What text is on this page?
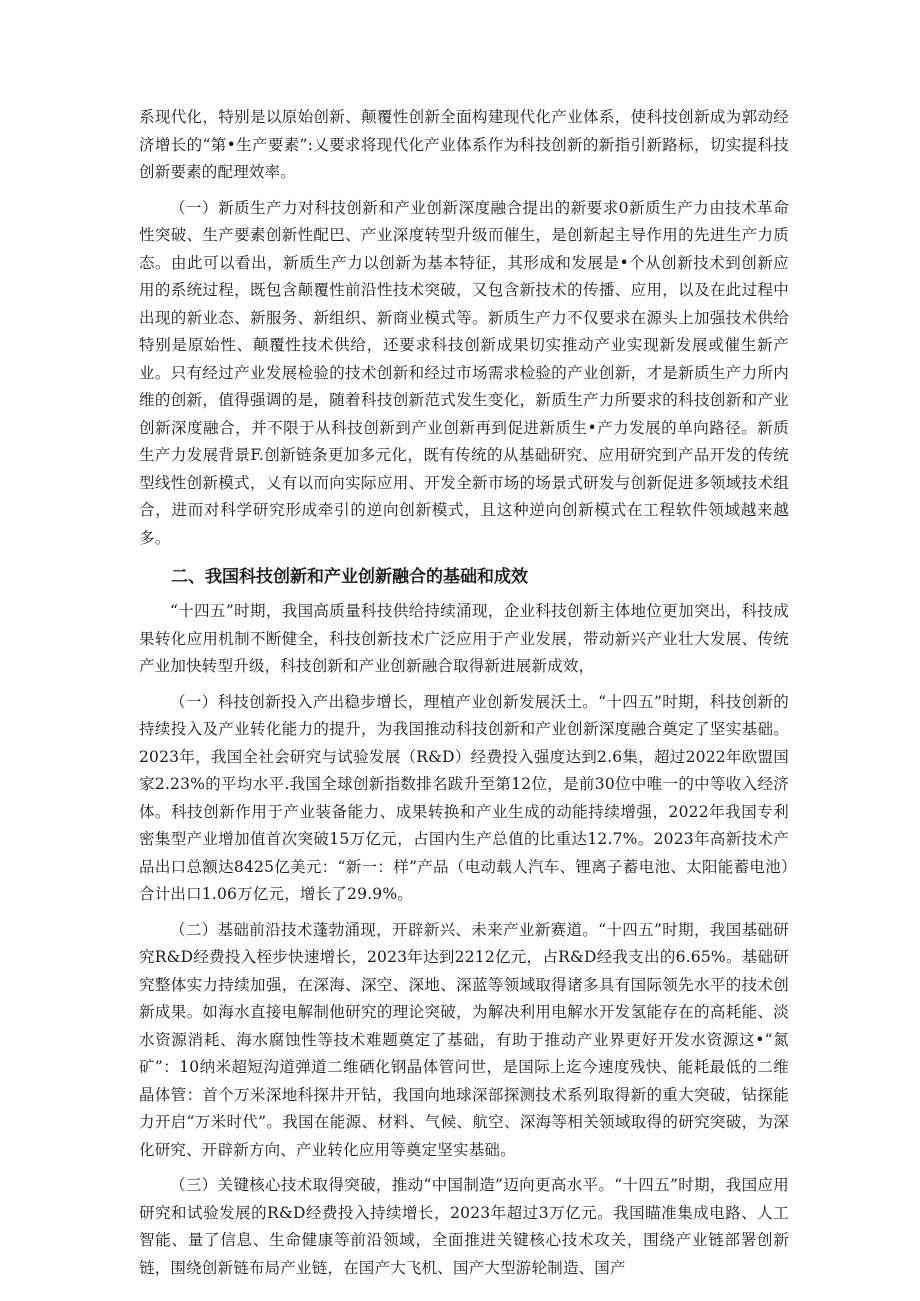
系现代化，特别是以原始创新、颠覆性创新全面构建现代化产业体系，使科技创新成为郭动经济增长的“第•生产要素”:乂要求将现代化产业体系作为科技创新的新指引新路标，切实提科技创新要素的配理效率。

（一）新质生产力对科技创新和产业创新深度融合提出的新要求0新质生产力由技术革命性突破、生产要素创新性配巴、产业深度转型升级而催生，是创新起主导作用的先进生产力质态。由此可以看出，新质生产力以创新为基本特征，其形成和发展是•个从创新技术到创新应用的系统过程，既包含颠覆性前沿性技术突破，又包含新技术的传播、应用，以及在此过程中出现的新业态、新服务、新组织、新商业模式等。新质生产力不仅要求在源头上加强技术供给特别是原始性、颠覆性技术供给，还要求科技创新成果切实推动产业实现新发展或催生新产业。只有经过产业发展检验的技术创新和经过市场需求检验的产业创新，才是新质生产力所内维的创新，值得强调的是，随着科技创新范式发生变化，新质生产力所要求的科技创新和产业创新深度融合，并不限于从科技创新到产业创新再到促进新质生•产力发展的单向路径。新质生产力发展背景F.创新链条更加多元化，既有传统的从基础研究、应用研究到产品开发的传统型线性创新模式，乂有以而向实际应用、开发全新市场的场景式研发与创新促进多领域技术组合，进而对科学研究形成牵引的逆向创新模式，且这种逆向创新模式在工程软件领域越来越多。

二、我国科技创新和产业创新融合的基础和成效

“十四五”时期，我国高质量科技供给持续涌现，企业科技创新主体地位更加突出，科技成果转化应用机制不断健全，科技创新技术广泛应用于产业发展，带动新兴产业壮大发展、传统产业加快转型升级，科技创新和产业创新融合取得新进展新成效，

（一）科技创新投入产出稳步增长，理植产业创新发展沃土。“十四五”时期，科技创新的持续投入及产业转化能力的提升，为我国推动科技创新和产业创新深度融合奠定了坚实基础。2023年，我国全社会研究与试验发展（R&D）经费投入强度达到2.6集，超过2022年欧盟国家2.23%的平均水平.我国全球创新指数排名跋升至第12位，是前30位中唯一的中等收入经济体。科技创新作用于产业装备能力、成果转换和产业生成的动能持续增强，2022年我国专利密集型产业增加值首次突破15万亿元，占国内生产总值的比重达12.7%。2023年高新技术产品出口总额达8425亿美元：“新一：样”产品（电动载人汽车、锂离子蓄电池、太阳能蓄电池）合计出口1.06万亿元，增长了29.9%。

（二）基础前沿技术蓬勃涌现，开辟新兴、未来产业新赛道。“十四五”时期，我国基础研究R&D经费投入桎步快速增长，2023年达到2212亿元，占R&D经我支出的6.65%。基础研究整体实力持续加强，在深海、深空、深地、深蓝等领域取得诸多具有国际领先水平的技术创新成果。如海水直接电解制他研究的理论突破，为解决利用电解水开发氢能存在的高耗能、淡水资源消耗、海水腐蚀性等技术难题奠定了基础，有助于推动产业界更好开发水资源这•“氮矿”：10纳米超短沟道弹道二维硒化钢晶体管问世，是国际上迄今速度残快、能耗最低的二维晶体管：首个万米深地科探井开钻，我国向地球深部探测技术系列取得新的重大突破，钻探能力开启“万米时代”。我国在能源、材料、气候、航空、深海等相关领域取得的研究突破，为深化研究、开辟新方向、产业转化应用等奠定坚实基础。

（三）关键核心技术取得突破，推动“中国制造”迈向更高水平。“十四五”时期，我国应用研究和试验发展的R&D经费投入持续增长，2023年超过3万亿元。我国瞄准集成电路、人工智能、量了信息、生命健康等前沿领域，全面推进关键核心技术攻关，围绕产业链部署创新链，围绕创新链布局产业链，在国产大飞机、国产大型游轮制造、国产
